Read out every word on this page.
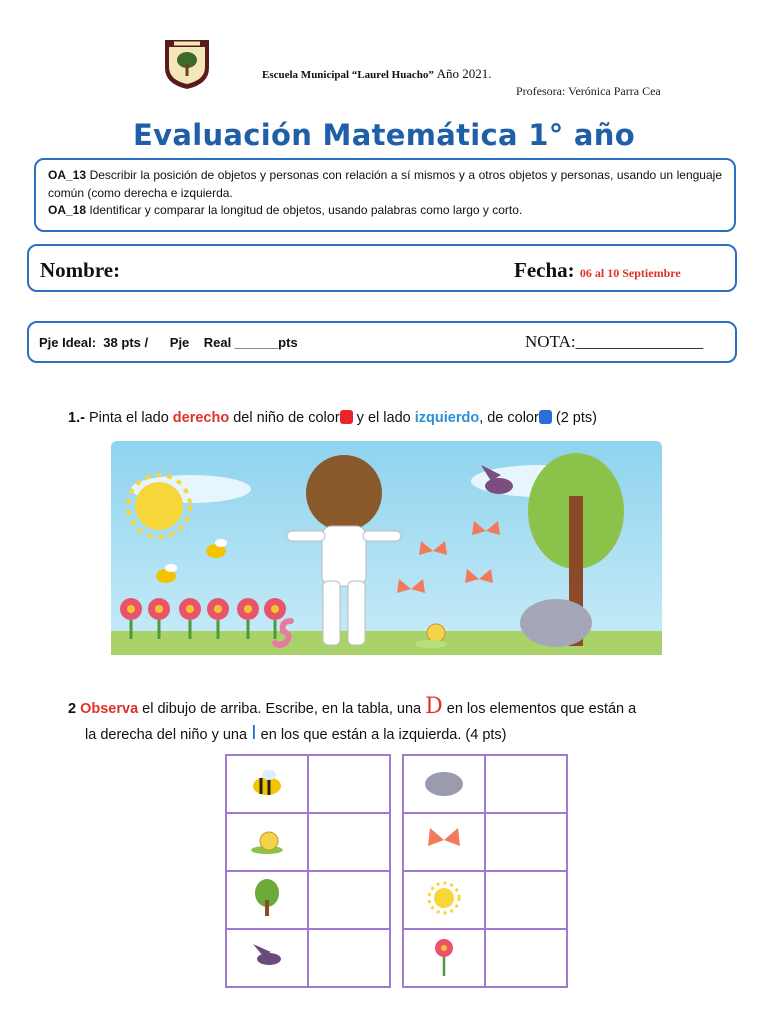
Escuela Municipal “Laurel Huacho” Año 2021.
Profesora: Verónica Parra Cea
Evaluación Matemática 1° año
OA_13 Describir la posición de objetos y personas con relación a sí mismos y a otros objetos y personas, usando un lenguaje común (como derecha e izquierda.
OA_18 Identificar y comparar la longitud de objetos, usando palabras como largo y corto.
Nombre:	Fecha: 06 al 10 Septiembre
Pje Ideal:  38 pts /      Pje    Real ______pts	NOTA:_______________
1.- Pinta el lado derecho del niño de color y el lado izquierdo, de color (2 pts)
2 Observa el dibujo de arriba. Escribe, en la tabla, una D en los elementos que están a
la derecha del niño y una I en los que están a la izquierda. (4 pts)
